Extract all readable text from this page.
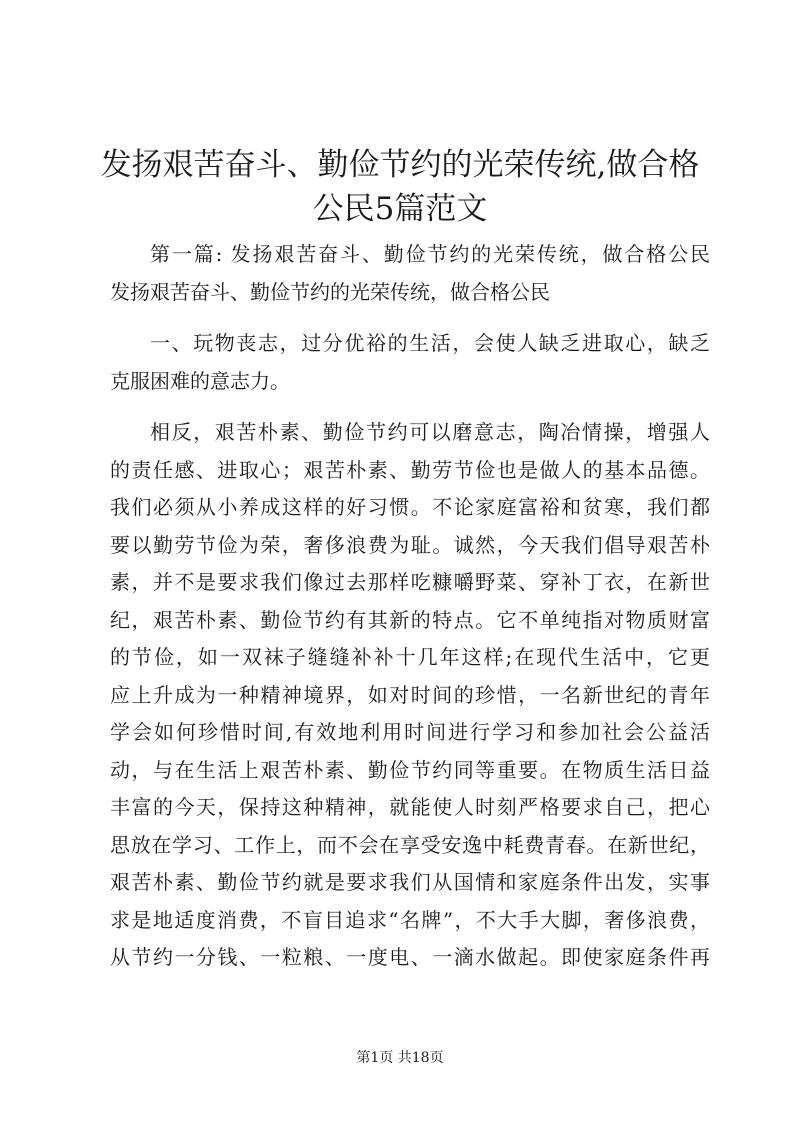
发扬艰苦奋斗、勤俭节约的光荣传统,做合格
公民5篇范文
第一篇: 发扬艰苦奋斗、勤俭节约的光荣传统，做合格公民
发扬艰苦奋斗、勤俭节约的光荣传统，做合格公民
一、玩物丧志，过分优裕的生活，会使人缺乏进取心，缺乏
克服困难的意志力。
相反，艰苦朴素、勤俭节约可以磨意志，陶冶情操，增强人
的责任感、进取心；艰苦朴素、勤劳节俭也是做人的基本品德。
我们必须从小养成这样的好习惯。不论家庭富裕和贫寒，我们都
要以勤劳节俭为荣，奢侈浪费为耻。诚然，今天我们倡导艰苦朴
素，并不是要求我们像过去那样吃糠嚼野菜、穿补丁衣，在新世
纪，艰苦朴素、勤俭节约有其新的特点。它不单纯指对物质财富
的节俭，如一双袜子缝缝补补十几年这样;在现代生活中，它更
应上升成为一种精神境界，如对时间的珍惜，一名新世纪的青年
学会如何珍惜时间,有效地利用时间进行学习和参加社会公益活
动，与在生活上艰苦朴素、勤俭节约同等重要。在物质生活日益
丰富的今天，保持这种精神，就能使人时刻严格要求自己，把心
思放在学习、工作上，而不会在享受安逸中耗费青春。在新世纪，
艰苦朴素、勤俭节约就是要求我们从国情和家庭条件出发，实事
求是地适度消费，不盲目追求“名牌”，不大手大脚，奢侈浪费，
从节约一分钱、一粒粮、一度电、一滴水做起。即使家庭条件再
第1页 共18页
